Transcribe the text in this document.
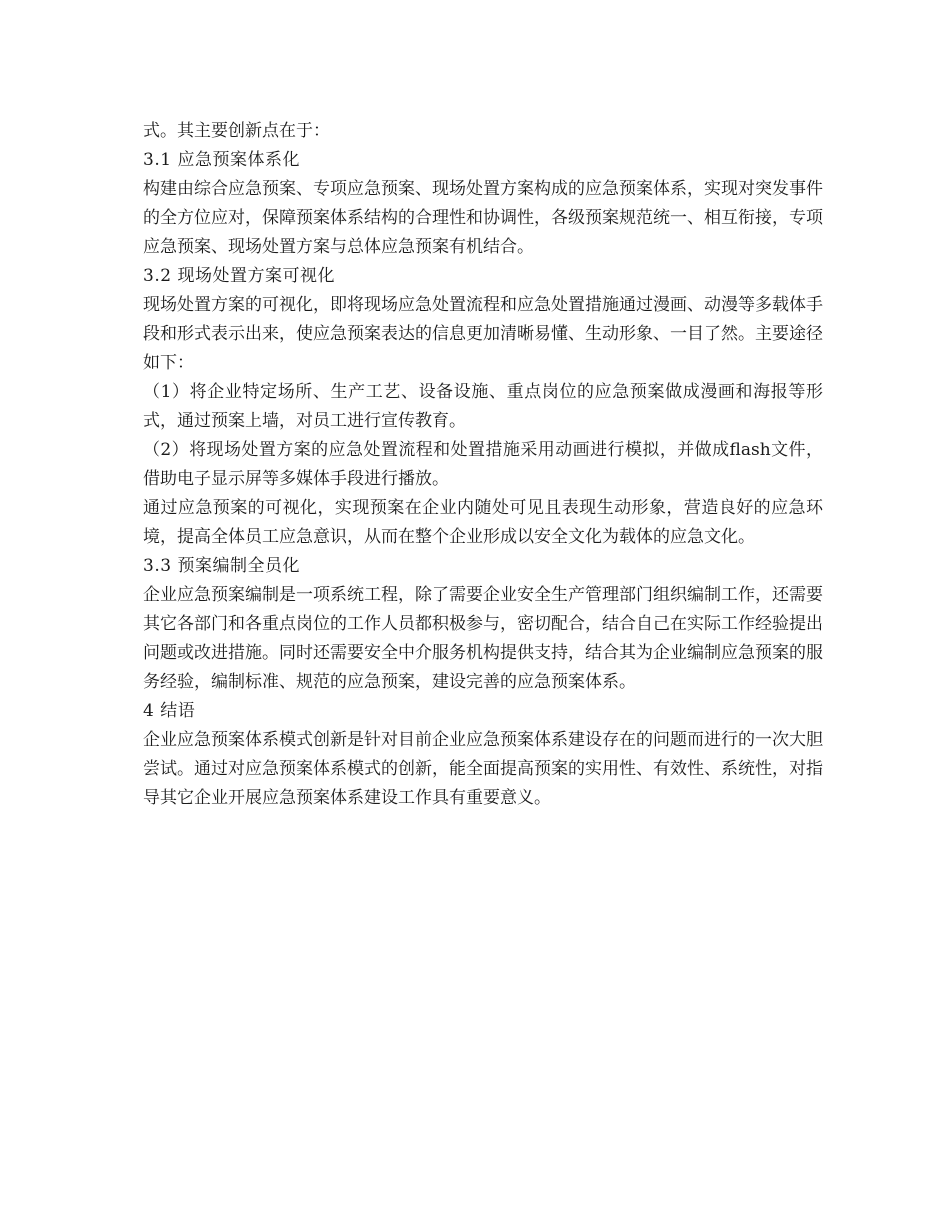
式。其主要创新点在于：

3.1 应急预案体系化

构建由综合应急预案、专项应急预案、现场处置方案构成的应急预案体系，实现对突发事件的全方位应对，保障预案体系结构的合理性和协调性，各级预案规范统一、相互衔接，专项应急预案、现场处置方案与总体应急预案有机结合。

3.2 现场处置方案可视化

现场处置方案的可视化，即将现场应急处置流程和应急处置措施通过漫画、动漫等多载体手段和形式表示出来，使应急预案表达的信息更加清晰易懂、生动形象、一目了然。主要途径如下：

（1）将企业特定场所、生产工艺、设备设施、重点岗位的应急预案做成漫画和海报等形式，通过预案上墙，对员工进行宣传教育。

（2）将现场处置方案的应急处置流程和处置措施采用动画进行模拟，并做成flash文件，借助电子显示屏等多媒体手段进行播放。

通过应急预案的可视化，实现预案在企业内随处可见且表现生动形象，营造良好的应急环境，提高全体员工应急意识，从而在整个企业形成以安全文化为载体的应急文化。

3.3 预案编制全员化

企业应急预案编制是一项系统工程，除了需要企业安全生产管理部门组织编制工作，还需要其它各部门和各重点岗位的工作人员都积极参与，密切配合，结合自己在实际工作经验提出问题或改进措施。同时还需要安全中介服务机构提供支持，结合其为企业编制应急预案的服务经验，编制标准、规范的应急预案，建设完善的应急预案体系。

4 结语

企业应急预案体系模式创新是针对目前企业应急预案体系建设存在的问题而进行的一次大胆尝试。通过对应急预案体系模式的创新，能全面提高预案的实用性、有效性、系统性，对指导其它企业开展应急预案体系建设工作具有重要意义。
